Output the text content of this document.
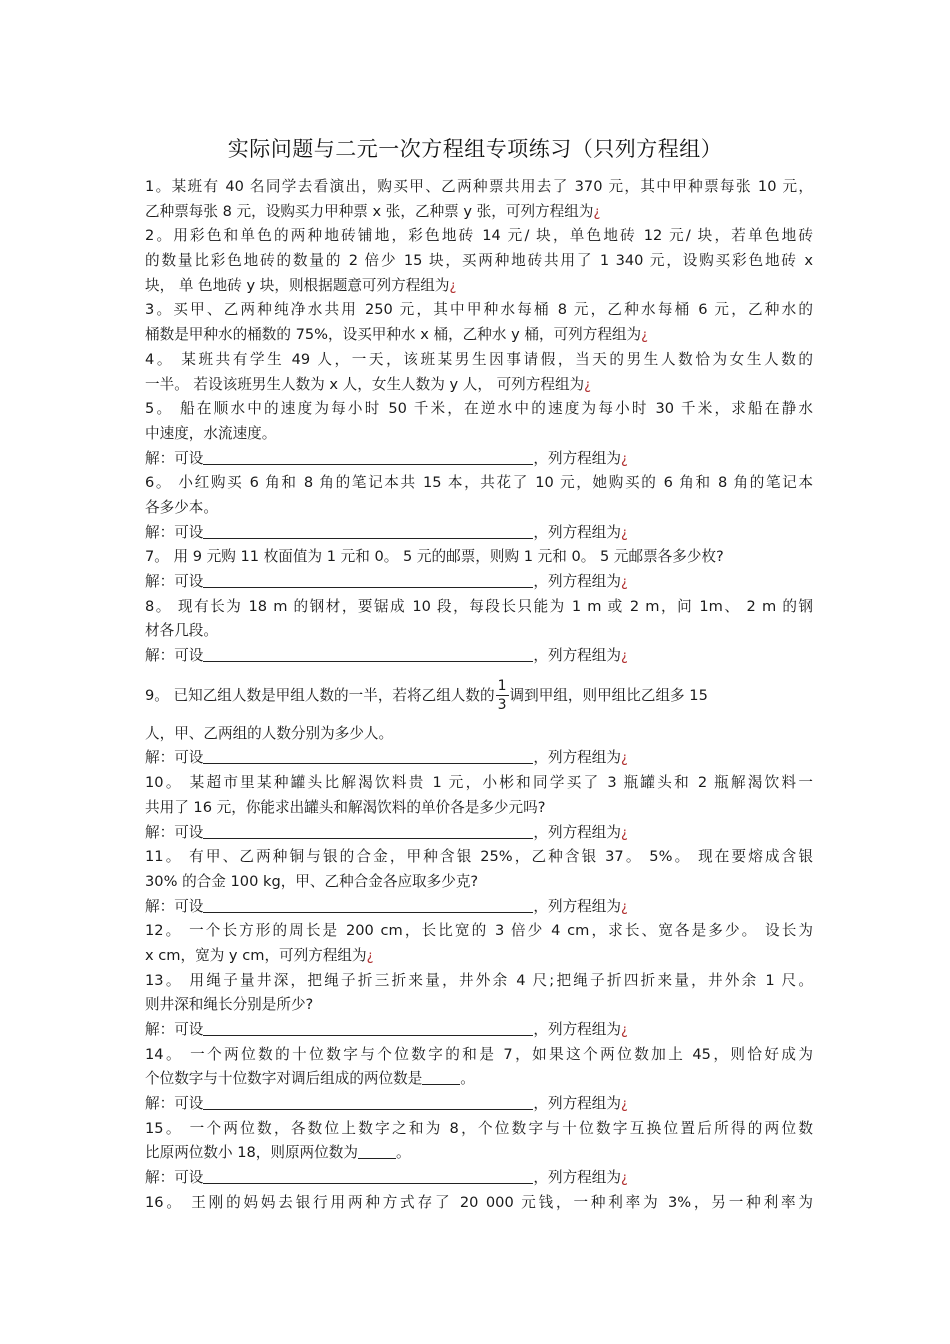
实际问题与二元一次方程组专项练习（只列方程组）
1。某班有 40 名同学去看演出，购买甲、乙两种票共用去了 370 元，其中甲种票每张 10 元，
乙种票每张 8 元，设购买力甲种票 x 张，乙种票 y 张，可列方程组为¿
2。用彩色和单色的两种地砖铺地，彩色地砖 14 元/ 块，单色地砖 12 元/ 块，若单色地砖
的数量比彩色地砖的数量的 2 倍少 15 块，买两种地砖共用了 1 340 元，设购买彩色地砖 x
块， 单 色地砖 y 块，则根据题意可列方程组为¿
3。买甲、乙两种纯净水共用 250 元，其中甲种水每桶 8 元，乙种水每桶 6 元，乙种水的
桶数是甲种水的桶数的 75%，设买甲种水 x 桶，乙种水 y 桶，可列方程组为¿
4。 某班共有学生 49 人，一天，该班某男生因事请假，当天的男生人数恰为女生人数的
一半。 若设该班男生人数为 x 人，女生人数为 y 人， 可列方程组为¿
5。 船在顺水中的速度为每小时 50 千米，在逆水中的速度为每小时 30 千米，求船在静水
中速度，水流速度。
解：可设	，列方程组为¿
6。 小红购买 6 角和 8 角的笔记本共 15 本，共花了 10 元，她购买的 6 角和 8 角的笔记本
各多少本。
解：可设	，列方程组为¿
7。 用 9 元购 11 枚面值为 1 元和 0。 5 元的邮票，则购 1 元和 0。 5 元邮票各多少枚?
解：可设	，列方程组为¿
8。 现有长为 18 m 的钢材，要锯成 10 段，每段长只能为 1 m 或 2 m，问 1m、 2 m 的钢
材各几段。
解：可设	，列方程组为¿
9。 已知乙组人数是甲组人数的一半，若将乙组人数的 $\frac{1}{3}$ 调到甲组，则甲组比乙组多 15
人，甲、乙两组的人数分别为多少人。
解：可设	，列方程组为¿
10。 某超市里某种罐头比解渴饮料贵 1 元，小彬和同学买了 3 瓶罐头和 2 瓶解渴饮料一
共用了 16 元，你能求出罐头和解渴饮料的单价各是多少元吗?
解：可设	，列方程组为¿
11。 有甲、乙两种铜与银的合金，甲种含银 25%，乙种含银 37。 5%。 现在要熔成含银
30% 的合金 100 kg，甲、乙种合金各应取多少克?
解：可设	，列方程组为¿
12。 一个长方形的周长是 200 cm，长比宽的 3 倍少 4 cm，求长、宽各是多少。 设长为
x cm，宽为 y cm，可列方程组为¿
13。 用绳子量井深，把绳子折三折来量，井外余 4 尺;把绳子折四折来量，井外余 1 尺。
则井深和绳长分别是所少?
解：可设	，列方程组为¿
14。 一个两位数的十位数字与个位数字的和是 7，如果这个两位数加上 45，则恰好成为
个位数字与十位数字对调后组成的两位数是	。
解：可设	，列方程组为¿
15。 一个两位数，各数位上数字之和为 8，个位数字与十位数字互换位置后所得的两位数
比原两位数小 18，则原两位数为	。
解：可设	，列方程组为¿
16。 王刚的妈妈去银行用两种方式存了 20 000 元钱，一种利率为 3%，另一种利率为
